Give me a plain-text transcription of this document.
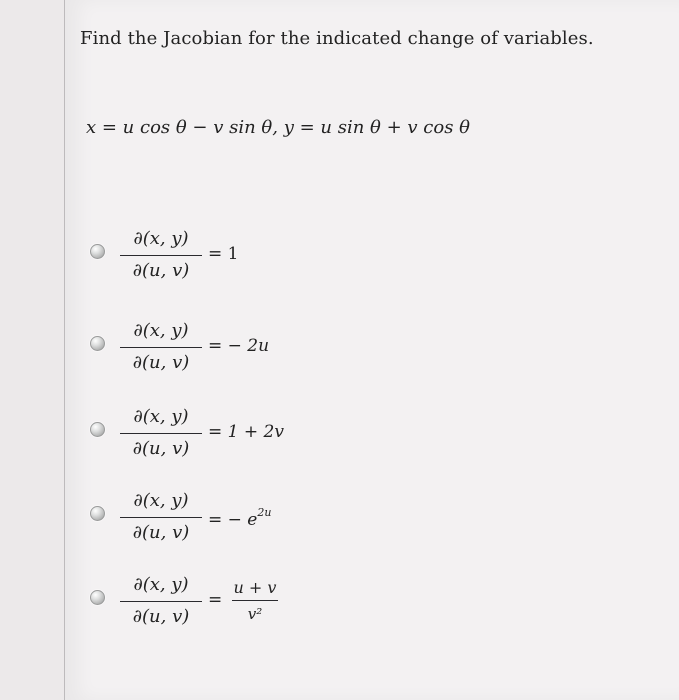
Find the Jacobian for the indicated change of variables.
x = u cos θ − v sin θ, y = u sin θ + v cos θ
∂(x, y)
∂(u, v)
= 1
∂(x, y)
∂(u, v)
= − 2u
∂(x, y)
∂(u, v)
= 1 + 2v
∂(x, y)
∂(u, v)
= − $e^{2u}$
∂(x, y)
∂(u, v)
=
u + v
v²
